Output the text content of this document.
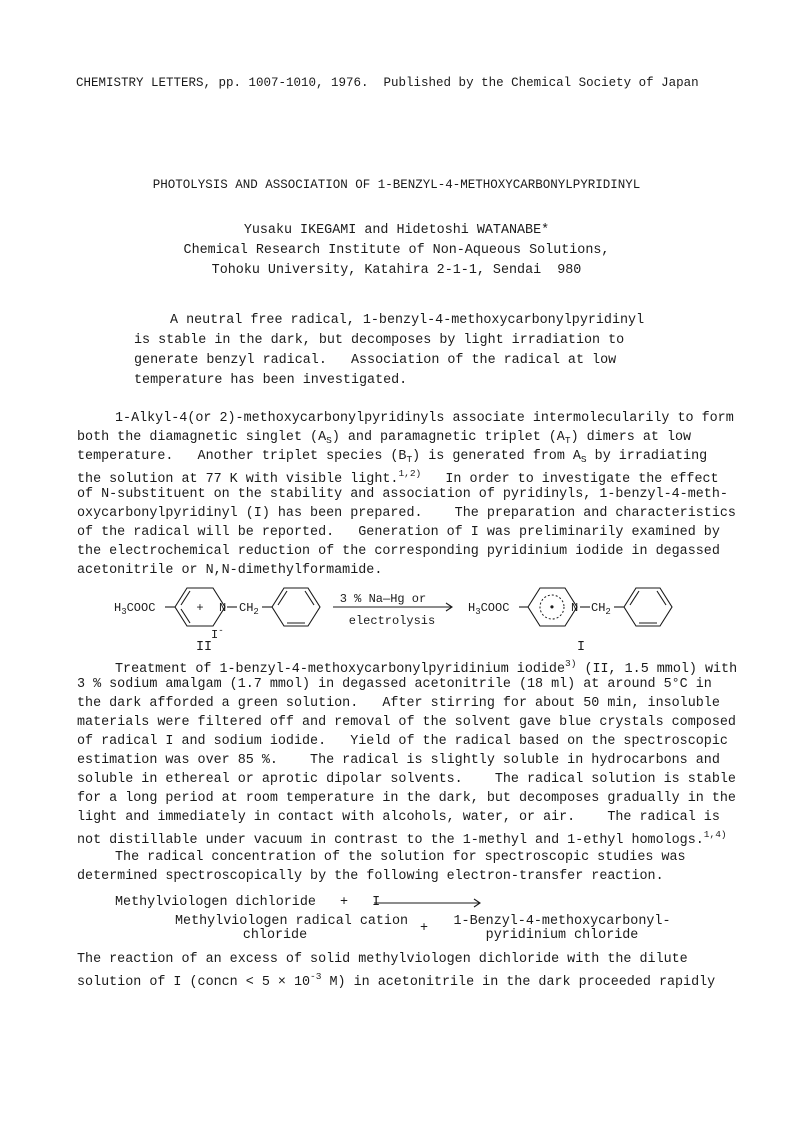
CHEMISTRY LETTERS, pp. 1007-1010, 1976.  Published by the Chemical Society of Japan
PHOTOLYSIS AND ASSOCIATION OF 1-BENZYL-4-METHOXYCARBONYLPYRIDINYL
Yusaku IKEGAMI and Hidetoshi WATANABE*
Chemical Research Institute of Non-Aqueous Solutions,
Tohoku University, Katahira 2-1-1, Sendai  980
A neutral free radical, 1-benzyl-4-methoxycarbonylpyridinyl
is stable in the dark, but decomposes by light irradiation to
generate benzyl radical.   Association of the radical at low
temperature has been investigated.
1-Alkyl-4(or 2)-methoxycarbonylpyridinyls associate intermolecularily to form
both the diamagnetic singlet $(A_S)$ and paramagnetic triplet $(A_T)$ dimers at low
temperature.   Another triplet species $(B_T)$ is generated from $A_S$ by irradiating
the solution at 77 K with visible light.$^{1,2)}$   In order to investigate the effect
of N-substituent on the stability and association of pyridinyls, 1-benzyl-4-meth-
oxycarbonylpyridinyl (I) has been prepared.    The preparation and characteristics
of the radical will be reported.   Generation of I was preliminarily examined by
the electrochemical reduction of the corresponding pyridinium iodide in degassed
acetonitrile or N,N-dimethylformamide.
$H_3COOC$	+ N
I-
$CH_2$
3 % Na—Hg or
electrolysis
$H_3COOC$	• N $CH_2$
II	I
Treatment of 1-benzyl-4-methoxycarbonylpyridinium iodide$^{3)}$ (II, 1.5 mmol) with
3 % sodium amalgam (1.7 mmol) in degassed acetonitrile (18 ml) at around 5°C in
the dark afforded a green solution.   After stirring for about 50 min, insoluble
materials were filtered off and removal of the solvent gave blue crystals composed
of radical I and sodium iodide.   Yield of the radical based on the spectroscopic
estimation was over 85 %.    The radical is slightly soluble in hydrocarbons and
soluble in ethereal or aprotic dipolar solvents.    The radical solution is stable
for a long period at room temperature in the dark, but decomposes gradually in the
light and immediately in contact with alcohols, water, or air.    The radical is
not distillable under vacuum in contrast to the 1-methyl and 1-ethyl homologs.$^{1,4)}$
The radical concentration of the solution for spectroscopic studies was
determined spectroscopically by the following electron-transfer reaction.
Methylviologen dichloride   +   I
Methylviologen radical cation
chloride	+ 1-Benzyl-4-methoxycarbonyl-
pyridinium chloride
The reaction of an excess of solid methylviologen dichloride with the dilute
solution of I (concn < $5 \times 10^{-3}$ M) in acetonitrile in the dark proceeded rapidly
